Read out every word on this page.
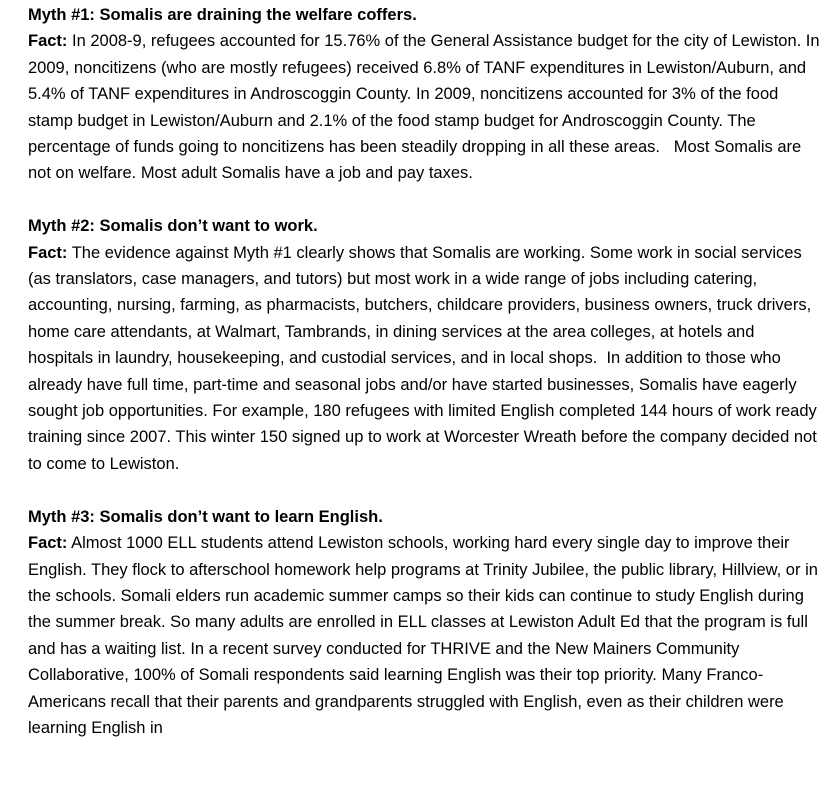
Myth #1: Somalis are draining the welfare coffers.
Fact: In 2008-9, refugees accounted for 15.76% of the General Assistance budget for the city of Lewiston. In 2009, noncitizens (who are mostly refugees) received 6.8% of TANF expenditures in Lewiston/Auburn, and 5.4% of TANF expenditures in Androscoggin County. In 2009, noncitizens accounted for 3% of the food stamp budget in Lewiston/Auburn and 2.1% of the food stamp budget for Androscoggin County. The percentage of funds going to noncitizens has been steadily dropping in all these areas.   Most Somalis are not on welfare. Most adult Somalis have a job and pay taxes.
Myth #2: Somalis don’t want to work.
Fact: The evidence against Myth #1 clearly shows that Somalis are working. Some work in social services (as translators, case managers, and tutors) but most work in a wide range of jobs including catering, accounting, nursing, farming, as pharmacists, butchers, childcare providers, business owners, truck drivers, home care attendants, at Walmart, Tambrands, in dining services at the area colleges, at hotels and hospitals in laundry, housekeeping, and custodial services, and in local shops.  In addition to those who already have full time, part-time and seasonal jobs and/or have started businesses, Somalis have eagerly sought job opportunities. For example, 180 refugees with limited English completed 144 hours of work ready training since 2007. This winter 150 signed up to work at Worcester Wreath before the company decided not to come to Lewiston.
Myth #3: Somalis don’t want to learn English.
Fact: Almost 1000 ELL students attend Lewiston schools, working hard every single day to improve their English. They flock to afterschool homework help programs at Trinity Jubilee, the public library, Hillview, or in the schools. Somali elders run academic summer camps so their kids can continue to study English during the summer break. So many adults are enrolled in ELL classes at Lewiston Adult Ed that the program is full and has a waiting list. In a recent survey conducted for THRIVE and the New Mainers Community Collaborative, 100% of Somali respondents said learning English was their top priority. Many Franco-Americans recall that their parents and grandparents struggled with English, even as their children were learning English in
